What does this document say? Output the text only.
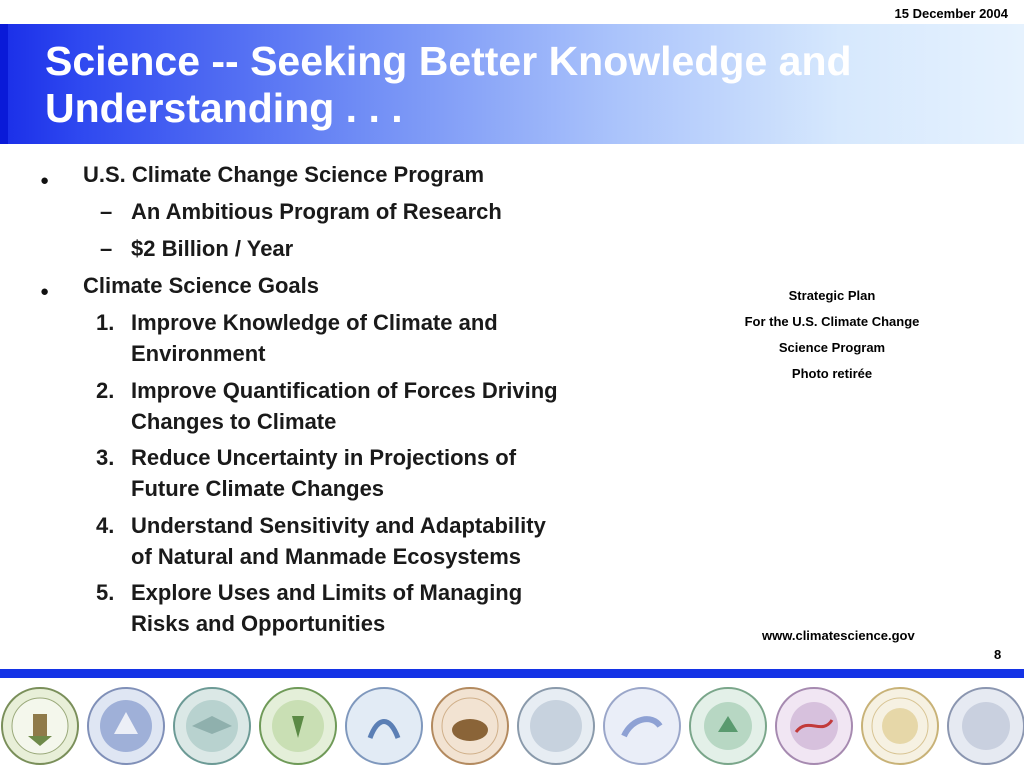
15 December 2004
Science -- Seeking Better Knowledge and
Understanding . . .
● U.S. Climate Change Science Program

– An Ambitious Program of Research

– $2 Billion / Year

● Climate Science Goals

1. Improve Knowledge of Climate and
Environment

2. Improve Quantification of Forces Driving
Changes to Climate

3. Reduce Uncertainty in Projections of
Future Climate Changes

4. Understand Sensitivity and Adaptability
of Natural and Manmade Ecosystems

5. Explore Uses and Limits of Managing
Risks and Opportunities

Strategic Plan
For the U.S. Climate Change
Science Program
Photo retirée
www.climatescience.gov
8
